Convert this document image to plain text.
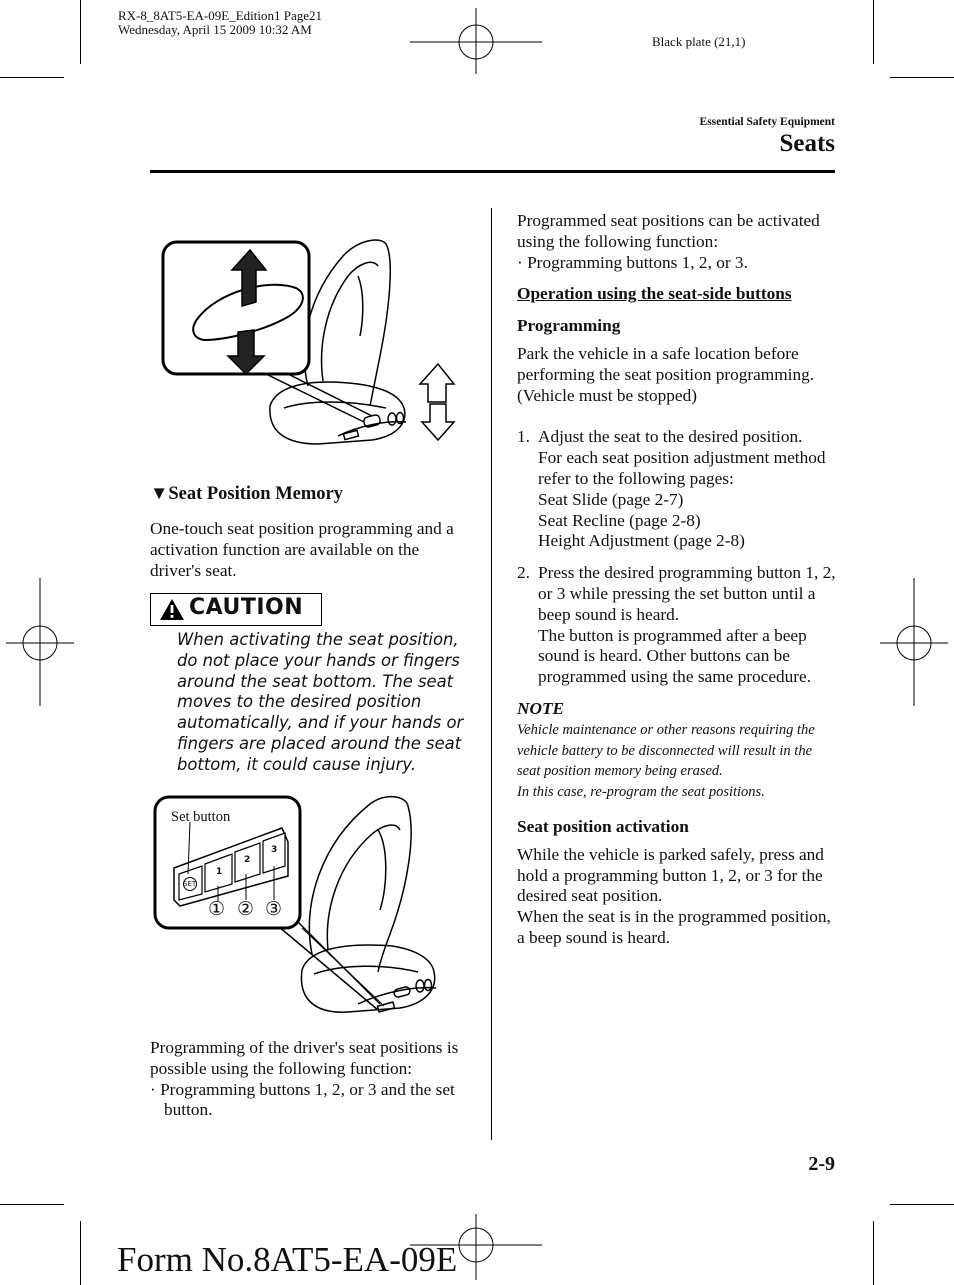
RX-8_8AT5-EA-09E_Edition1 Page21
Wednesday, April 15 2009 10:32 AM
Black plate (21,1)
Essential Safety Equipment
Seats
▼Seat Position Memory

One-touch seat position programming and a activation function are available on the driver's seat.

CAUTION
When activating the seat position, do not place your hands or fingers around the seat bottom. The seat moves to the desired position automatically, and if your hands or fingers are placed around the seat bottom, it could cause injury.
Set button
SET
1
2
3
① ② ③

Programming of the driver's seat positions is possible using the following function:

· Programming buttons 1, 2, or 3 and the set button.

Programmed seat positions can be activated using the following function:

· Programming buttons 1, 2, or 3.

Operation using the seat-side buttons

Programming

Park the vehicle in a safe location before performing the seat position programming. (Vehicle must be stopped)

1. Adjust the seat to the desired position.

For each seat position adjustment method refer to the following pages:

Seat Slide (page 2-7)

Seat Recline (page 2-8)

Height Adjustment (page 2-8)

2. Press the desired programming button 1, 2, or 3 while pressing the set button until a beep sound is heard.

The button is programmed after a beep sound is heard. Other buttons can be programmed using the same procedure.

NOTE

Vehicle maintenance or other reasons requiring the vehicle battery to be disconnected will result in the seat position memory being erased.

In this case, re-program the seat positions.

Seat position activation

While the vehicle is parked safely, press and hold a programming button 1, 2, or 3 for the desired seat position.

When the seat is in the programmed position, a beep sound is heard.

2-9
Form No.8AT5-EA-09E
